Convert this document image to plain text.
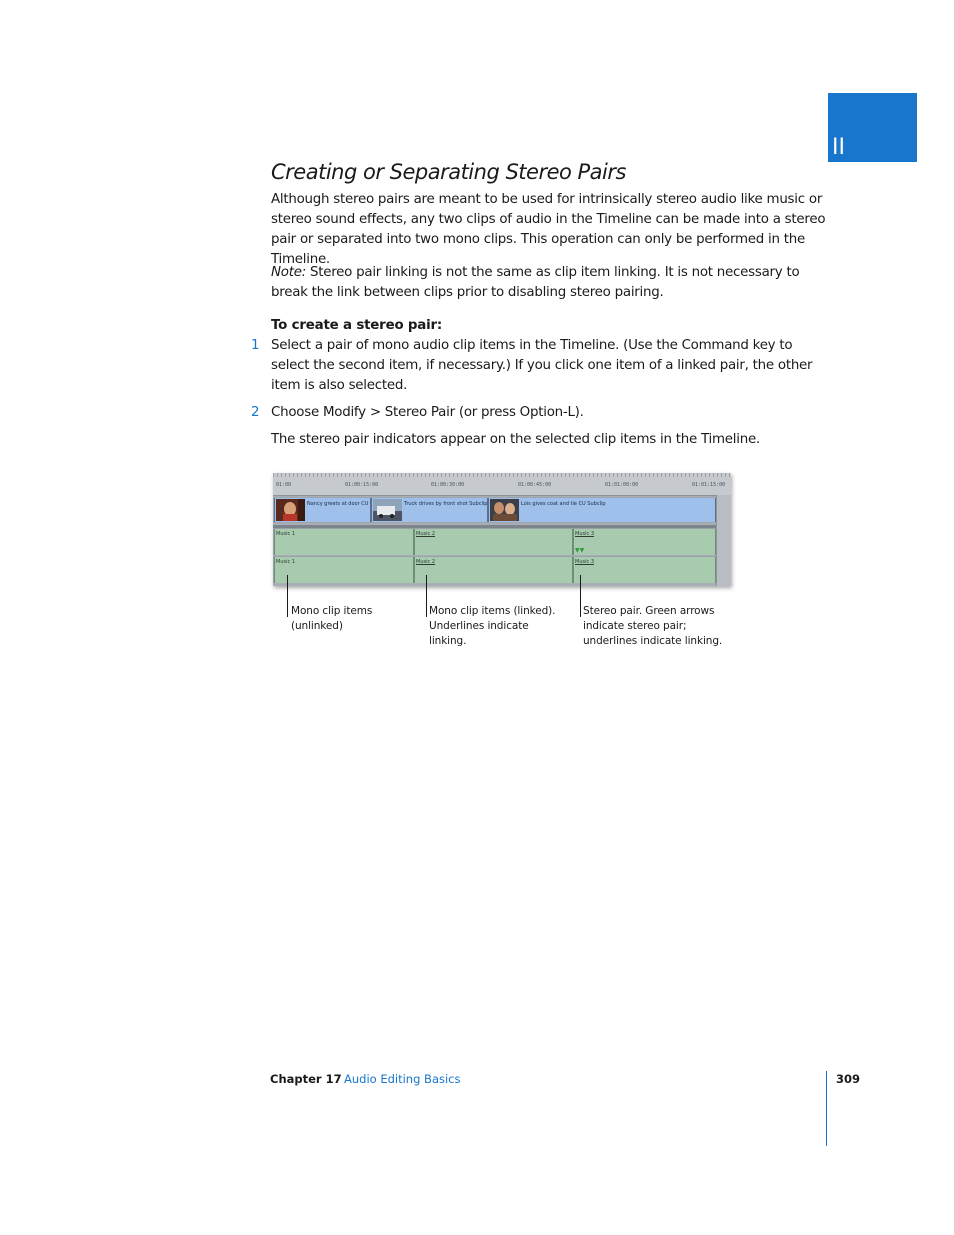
II
Creating or Separating Stereo Pairs

Although stereo pairs are meant to be used for intrinsically stereo audio like music or stereo sound effects, any two clips of audio in the Timeline can be made into a stereo pair or separated into two mono clips. This operation can only be performed in the Timeline.

Note: Stereo pair linking is not the same as clip item linking. It is not necessary to break the link between clips prior to disabling stereo pairing.

To create a stereo pair:

1 Select a pair of mono audio clip items in the Timeline. (Use the Command key to select the second item, if necessary.) If you click one item of a linked pair, the other item is also selected.

2 Choose Modify > Stereo Pair (or press Option-L).

The stereo pair indicators appear on the selected clip items in the Timeline.

01:00	01:00:15:00	01:00:30:00	01:00:45:00	01:01:00:00	01:01:15:00
Nancy greets at door CU	Truck drives by front shot Subclip	Lois gives coat and tie CU Subclip
Music 1	Music 2	Music 3
▼▼
Music 1	Music 2	Music 3

Mono clip items
(unlinked)

Mono clip items (linked).
Underlines indicate
linking.

Stereo pair. Green arrows
indicate stereo pair;
underlines indicate linking.

Chapter 17 Audio Editing Basics	309
